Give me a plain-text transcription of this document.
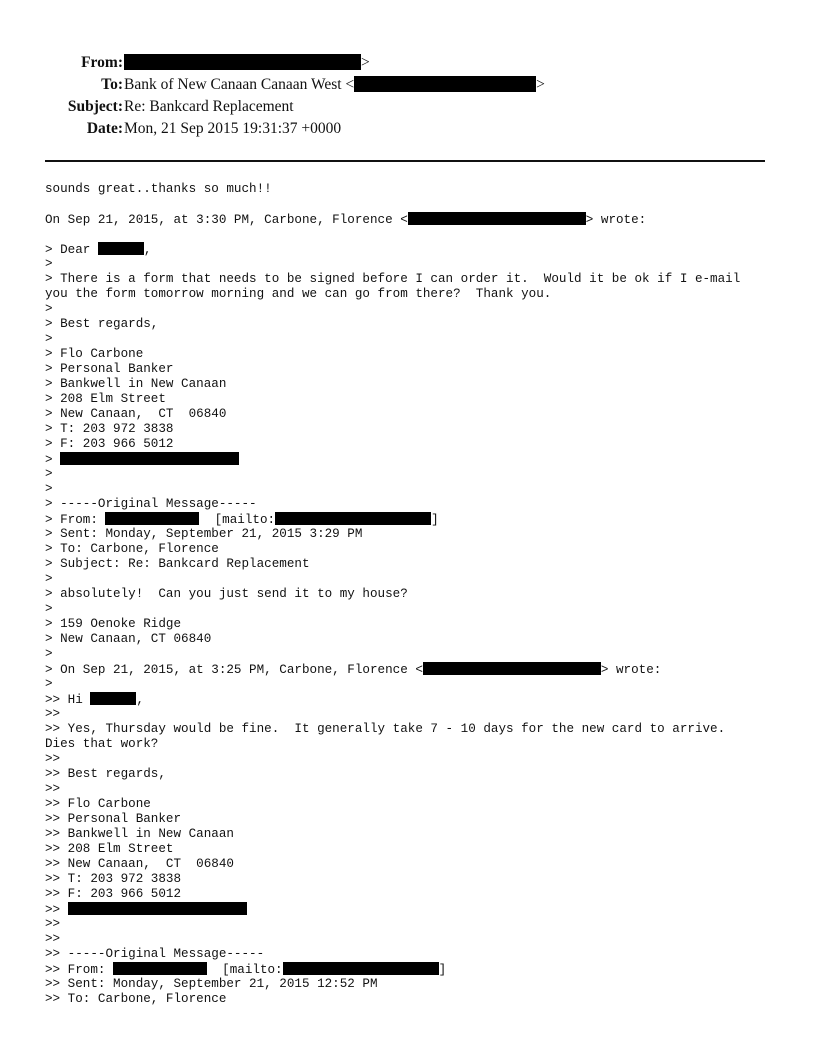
From:	>
To: Bank of New Canaan Canaan West <	>
Subject: Re: Bankcard Replacement
Date: Mon, 21 Sep 2015 19:31:37 +0000
sounds great..thanks so much!!
On Sep 21, 2015, at 3:30 PM, Carbone, Florence <	> wrote:
> Dear	,
>
> There is a form that needs to be signed before I can order it.  Would it be ok if I e-mail
you the form tomorrow morning and we can go from there?  Thank you.
>
> Best regards,
>
> Flo Carbone
> Personal Banker
> Bankwell in New Canaan
> 208 Elm Street
> New Canaan,  CT  06840
> T: 203 972 3838
> F: 203 966 5012
>
>
>
> -----Original Message-----
> From:	[mailto:	]
> Sent: Monday, September 21, 2015 3:29 PM
> To: Carbone, Florence
> Subject: Re: Bankcard Replacement
>
> absolutely!  Can you just send it to my house?
>
> 159 Oenoke Ridge
> New Canaan, CT 06840
>
> On Sep 21, 2015, at 3:25 PM, Carbone, Florence <	> wrote:
>
>> Hi	,
>>
>> Yes, Thursday would be fine.  It generally take 7 - 10 days for the new card to arrive.
Dies that work?
>>
>> Best regards,
>>
>> Flo Carbone
>> Personal Banker
>> Bankwell in New Canaan
>> 208 Elm Street
>> New Canaan,  CT  06840
>> T: 203 972 3838
>> F: 203 966 5012
>>
>>
>>
>> -----Original Message-----
>> From:	[mailto:	]
>> Sent: Monday, September 21, 2015 12:52 PM
>> To: Carbone, Florence
